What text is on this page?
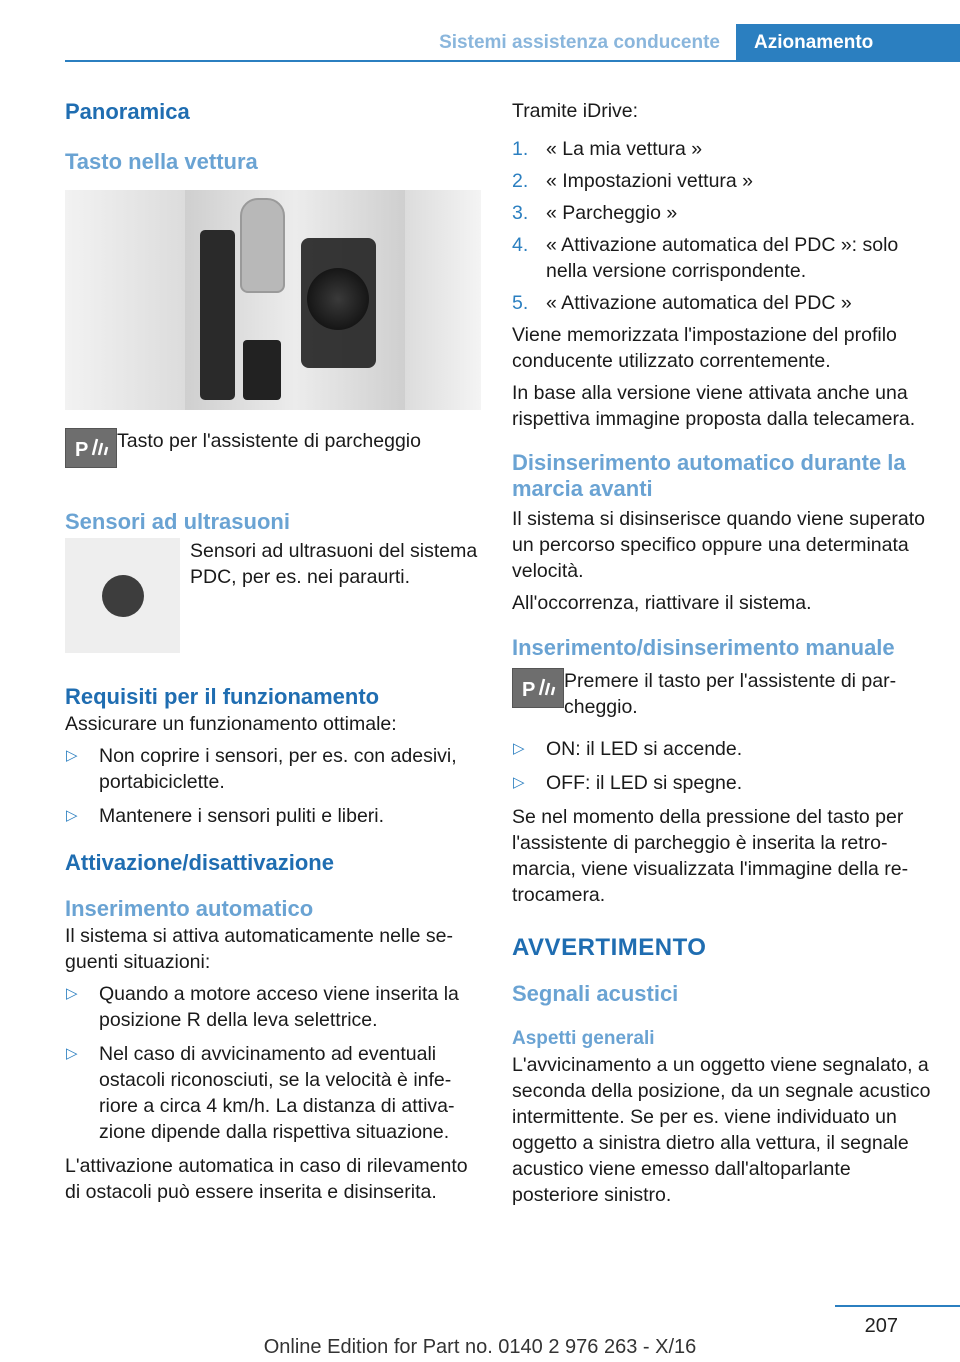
Sistemi assistenza conducente	Azionamento
Panoramica
Tasto nella vettura
P Tasto per l'assistente di parcheggio

Sensori ad ultrasuoni

Sensori ad ultrasuoni del sistema PDC, per es. nei paraurti.

Requisiti per il funzionamento

Assicurare un funzionamento ottimale:

▷ Non coprire i sensori, per es. con adesivi, portabiciclette.
▷ Mantenere i sensori puliti e liberi.
Attivazione/disattivazione
Inserimento automatico

Il sistema si attiva automaticamente nelle seguenti situazioni:

▷ Quando a motore acceso viene inserita la posizione R della leva selettrice.
▷ Nel caso di avvicinamento ad eventuali ostacoli riconosciuti, se la velocità è inferiore a circa 4 km/h. La distanza di attivazione dipende dalla rispettiva situazione.

L'attivazione automatica in caso di rilevamento di ostacoli può essere inserita e disinserita.

Tramite iDrive:

1. « La mia vettura »
2. « Impostazioni vettura »
3. « Parcheggio »
4. « Attivazione automatica del PDC »: solo nella versione corrispondente.
5. « Attivazione automatica del PDC »

Viene memorizzata l'impostazione del profilo conducente utilizzato correntemente.

In base alla versione viene attivata anche una rispettiva immagine proposta dalla telecamera.

Disinserimento automatico durante la marcia avanti

Il sistema si disinserisce quando viene superato un percorso specifico oppure una determinata velocità.

All'occorrenza, riattivare il sistema.

Inserimento/disinserimento manuale
P Premere il tasto per l'assistente di parcheggio.

▷ ON: il LED si accende.
▷ OFF: il LED si spegne.

Se nel momento della pressione del tasto per l'assistente di parcheggio è inserita la retromarcia, viene visualizzata l'immagine della retrocamera.

AVVERTIMENTO
Segnali acustici
Aspetti generali

L'avvicinamento a un oggetto viene segnalato, a seconda della posizione, da un segnale acustico intermittente. Se per es. viene individuato un oggetto a sinistra dietro alla vettura, il segnale acustico viene emesso dall'altoparlante posteriore sinistro.

207
Online Edition for Part no. 0140 2 976 263 - X/16
